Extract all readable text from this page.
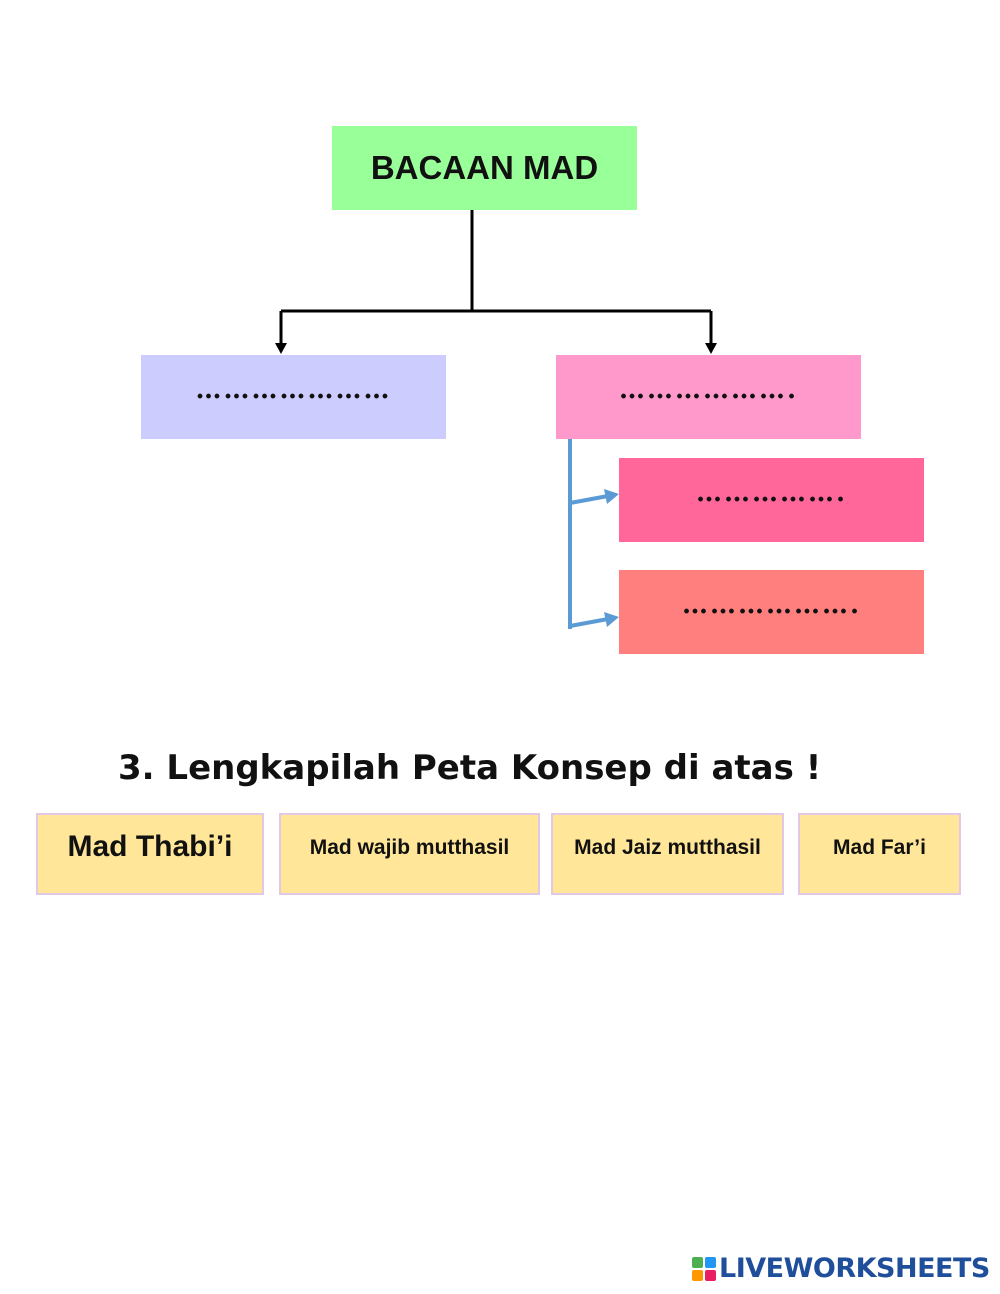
BACAAN MAD
…………………	……………….
…………….
……………….

3. Lengkapilah Peta Konsep di atas !

Mad Thabi’i	Mad wajib mutthasil	Mad Jaiz mutthasil	Mad Far’i
LIVEWORKSHEETS
